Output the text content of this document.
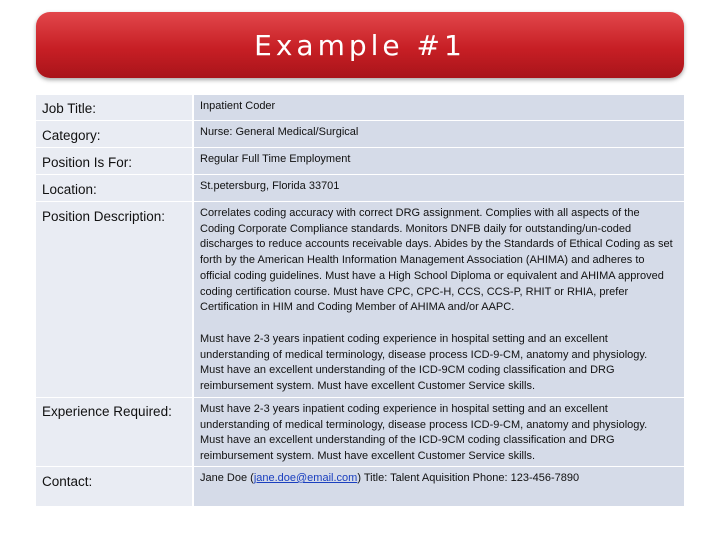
Example #1
Job Title:	Inpatient Coder
Category:	Nurse: General Medical/Surgical
Position Is For:	Regular Full Time Employment
Location:	St.petersburg, Florida 33701
Position Description:	Correlates coding accuracy with correct DRG assignment. Complies with all aspects of the Coding Corporate Compliance standards. Monitors DNFB daily for outstanding/un-coded discharges to reduce accounts receivable days. Abides by the Standards of Ethical Coding as set forth by the American Health Information Management Association (AHIMA) and adheres to official coding guidelines. Must have a High School Diploma or equivalent and AHIMA approved coding certification course. Must have CPC, CPC-H, CCS, CCS-P, RHIT or RHIA, prefer Certification in HIM and Coding Member of AHIMA and/or AAPC.

Must have 2-3 years inpatient coding experience in hospital setting and an excellent understanding of medical terminology, disease process ICD-9-CM, anatomy and physiology. Must have an excellent understanding of the ICD-9CM coding classification and DRG reimbursement system. Must have excellent Customer Service skills.

Experience Required:	Must have 2-3 years inpatient coding experience in hospital setting and an excellent understanding of medical terminology, disease process ICD-9-CM, anatomy and physiology. Must have an excellent understanding of the ICD-9CM coding classification and DRG reimbursement system. Must have excellent Customer Service skills.
Contact:	Jane Doe (jane.doe@email.com) Title: Talent Aquisition Phone: 123-456-7890
